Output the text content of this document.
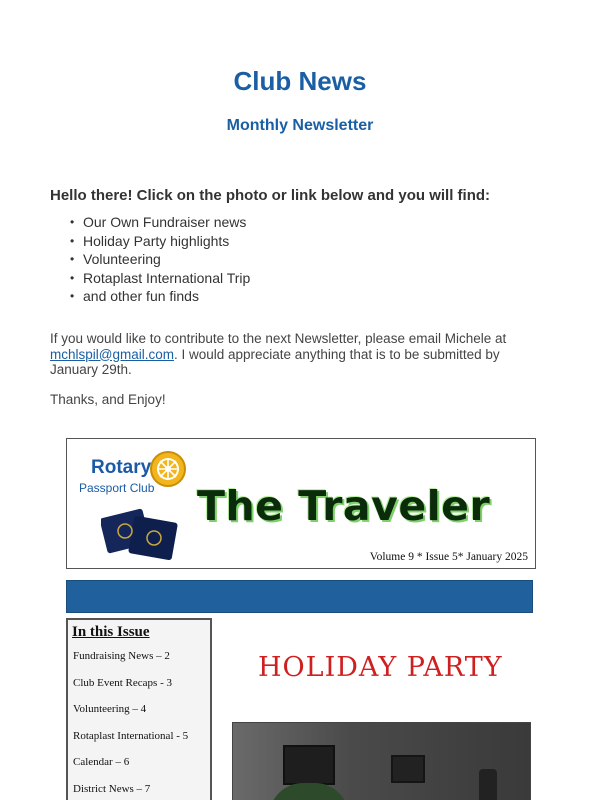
Club News
Monthly Newsletter
Hello there! Click on the photo or link below and you will find:
• Our Own Fundraiser news
• Holiday Party highlights
• Volunteering
• Rotaplast International Trip
• and other fun finds

If you would like to contribute to the next Newsletter, please email Michele at mchlspil@gmail.com. I would appreciate anything that is to be submitted by January 29th.

Thanks, and Enjoy!
Rotary
Passport Club The Traveler
Volume 9 * Issue 5* January 2025
In this Issue
Fundraising News – 2
Club Event Recaps - 3
Volunteering – 4
Rotaplast International - 5
Calendar – 6
District News – 7
HOLIDAY PARTY
